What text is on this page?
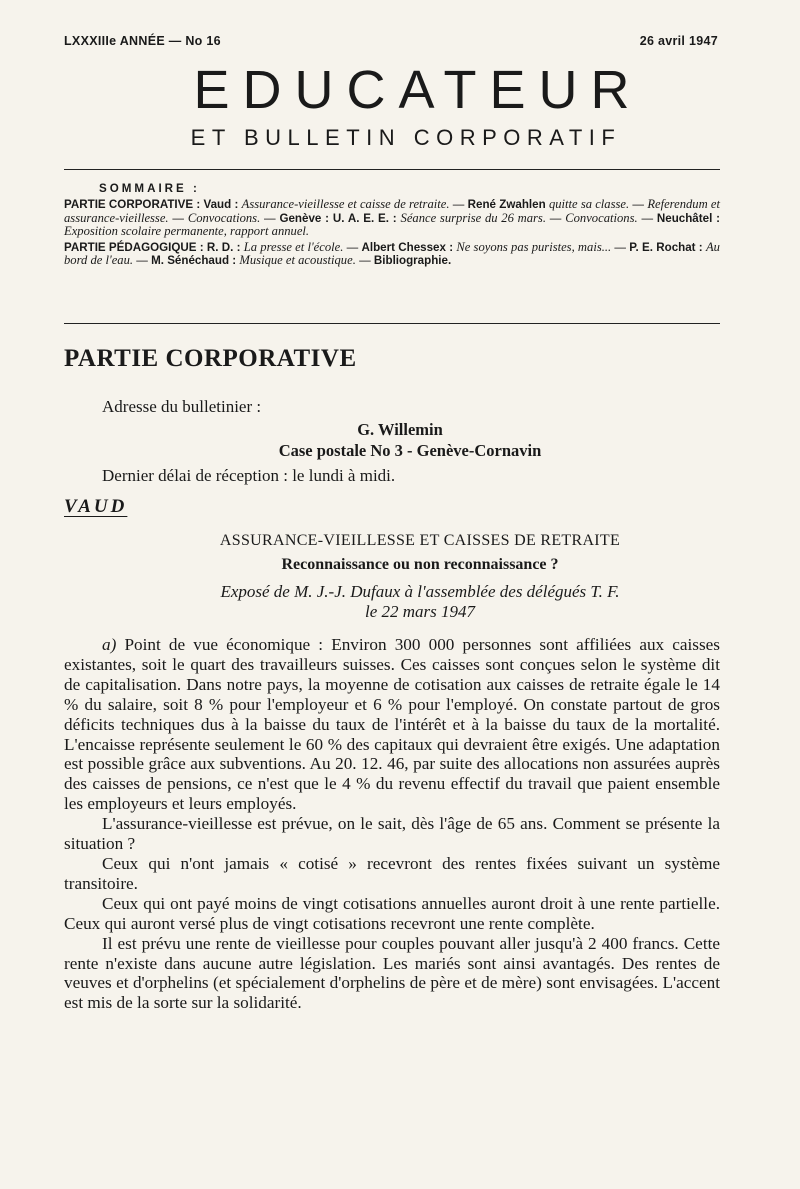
LXXXIIIe ANNÉE — No 16	26 avril 1947
EDUCATEUR
ET BULLETIN CORPORATIF
SOMMAIRE :

PARTIE CORPORATIVE : Vaud : Assurance-vieillesse et caisse de retraite. — René Zwahlen quitte sa classe. — Referendum et assurance-vieillesse. — Convocations. — Genève : U. A. E. E. : Séance surprise du 26 mars. — Convocations. — Neuchâtel : Exposition scolaire permanente, rapport annuel.

PARTIE PÉDAGOGIQUE : R. D. : La presse et l'école. — Albert Chessex : Ne soyons pas puristes, mais... — P. E. Rochat : Au bord de l'eau. — M. Sénéchaud : Musique et acoustique. — Bibliographie.

PARTIE CORPORATIVE
Adresse du bulletinier :
G. Willemin
Case postale No 3 - Genève-Cornavin
Dernier délai de réception : le lundi à midi.
VAUD
ASSURANCE-VIEILLESSE ET CAISSES DE RETRAITE
Reconnaissance ou non reconnaissance ?
Exposé de M. J.-J. Dufaux à l'assemblée des délégués T. F.
le 22 mars 1947

a) Point de vue économique : Environ 300 000 personnes sont affiliées aux caisses existantes, soit le quart des travailleurs suisses. Ces caisses sont conçues selon le système dit de capitalisation. Dans notre pays, la moyenne de cotisation aux caisses de retraite égale le 14 % du salaire, soit 8 % pour l'employeur et 6 % pour l'employé. On constate partout de gros déficits techniques dus à la baisse du taux de l'intérêt et à la baisse du taux de la mortalité. L'encaisse représente seulement le 60 % des capitaux qui devraient être exigés. Une adaptation est possible grâce aux subventions. Au 20. 12. 46, par suite des allocations non assurées auprès des caisses de pensions, ce n'est que le 4 % du revenu effectif du travail que paient ensemble les employeurs et leurs employés.

L'assurance-vieillesse est prévue, on le sait, dès l'âge de 65 ans. Comment se présente la situation ?

Ceux qui n'ont jamais « cotisé » recevront des rentes fixées suivant un système transitoire.

Ceux qui ont payé moins de vingt cotisations annuelles auront droit à une rente partielle. Ceux qui auront versé plus de vingt cotisations recevront une rente complète.

Il est prévu une rente de vieillesse pour couples pouvant aller jusqu'à 2 400 francs. Cette rente n'existe dans aucune autre législation. Les mariés sont ainsi avantagés. Des rentes de veuves et d'orphelins (et spécialement d'orphelins de père et de mère) sont envisagées. L'accent est mis de la sorte sur la solidarité.
